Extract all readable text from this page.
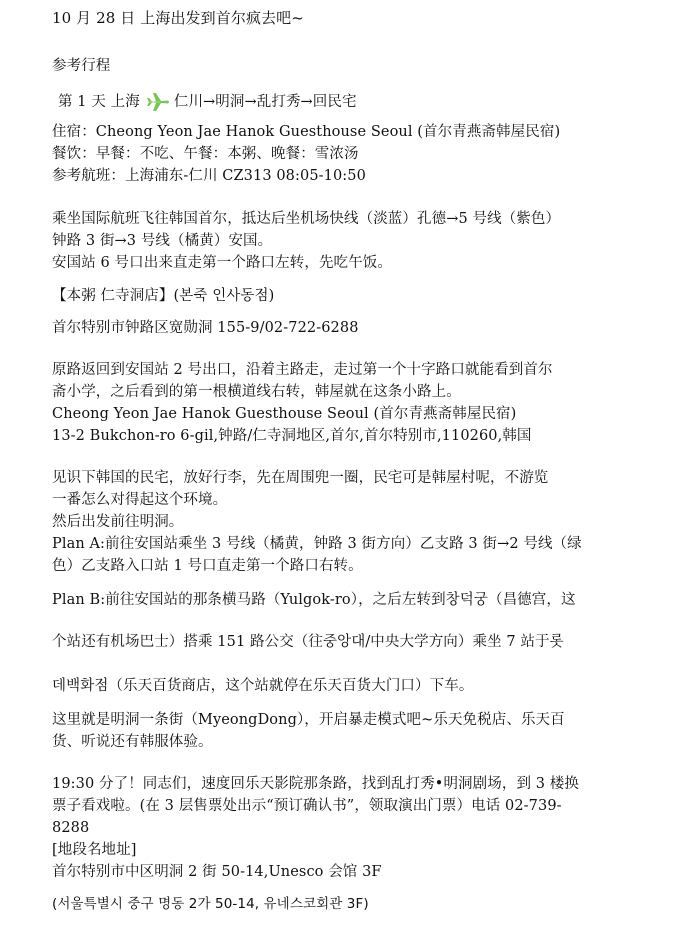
10 月 28 日 上海出发到首尔疯去吧~
参考行程
第 1 天 上海 仁川→明洞→乱打秀→回民宅
住宿：Cheong Yeon Jae Hanok Guesthouse Seoul (首尔青燕斋韩屋民宿)
餐饮：早餐：不吃、午餐：本粥、晚餐：雪浓汤
参考航班：上海浦东-仁川 CZ313 08:05-10:50
乘坐国际航班飞往韩国首尔，抵达后坐机场快线（淡蓝）孔德→5 号线（紫色）
钟路 3 街→3 号线（橘黄）安国。
安国站 6 号口出来直走第一个路口左转，先吃午饭。
【本粥 仁寺洞店】(본죽 인사동점)
首尔特别市钟路区宽勋洞 155-9/02-722-6288
原路返回到安国站 2 号出口，沿着主路走，走过第一个十字路口就能看到首尔
斋小学，之后看到的第一根横道线右转，韩屋就在这条小路上。
Cheong Yeon Jae Hanok Guesthouse Seoul (首尔青燕斋韩屋民宿)
13-2 Bukchon-ro 6-gil,钟路/仁寺洞地区,首尔,首尔特别市,110260,韩国
见识下韩国的民宅，放好行李，先在周围兜一圈，民宅可是韩屋村呢，不游览
一番怎么对得起这个环境。
然后出发前往明洞。
Plan A:前往安国站乘坐 3 号线（橘黄，钟路 3 街方向）乙支路 3 街→2 号线（绿
色）乙支路入口站 1 号口直走第一个路口右转。
Plan B:前往安国站的那条横马路（Yulgok-ro），之后左转到창덕궁（昌德宫，这
个站还有机场巴士）搭乘 151 路公交（往중앙대/中央大学方向）乘坐 7 站于롯
데백화점（乐天百货商店，这个站就停在乐天百货大门口）下车。
这里就是明洞一条街（MyeongDong），开启暴走模式吧~乐天免税店、乐天百
货、听说还有韩服体验。
19:30 分了！同志们，速度回乐天影院那条路，找到乱打秀•明洞剧场，到 3 楼换
票子看戏啦。(在 3 层售票处出示“预订确认书”，领取演出门票）电话 02-739-
8288
[地段名地址]
首尔特别市中区明洞 2 街 50-14,Unesco 会馆 3F
(서울특별시 중구 명동 2가 50-14, 유네스코회관 3F)
